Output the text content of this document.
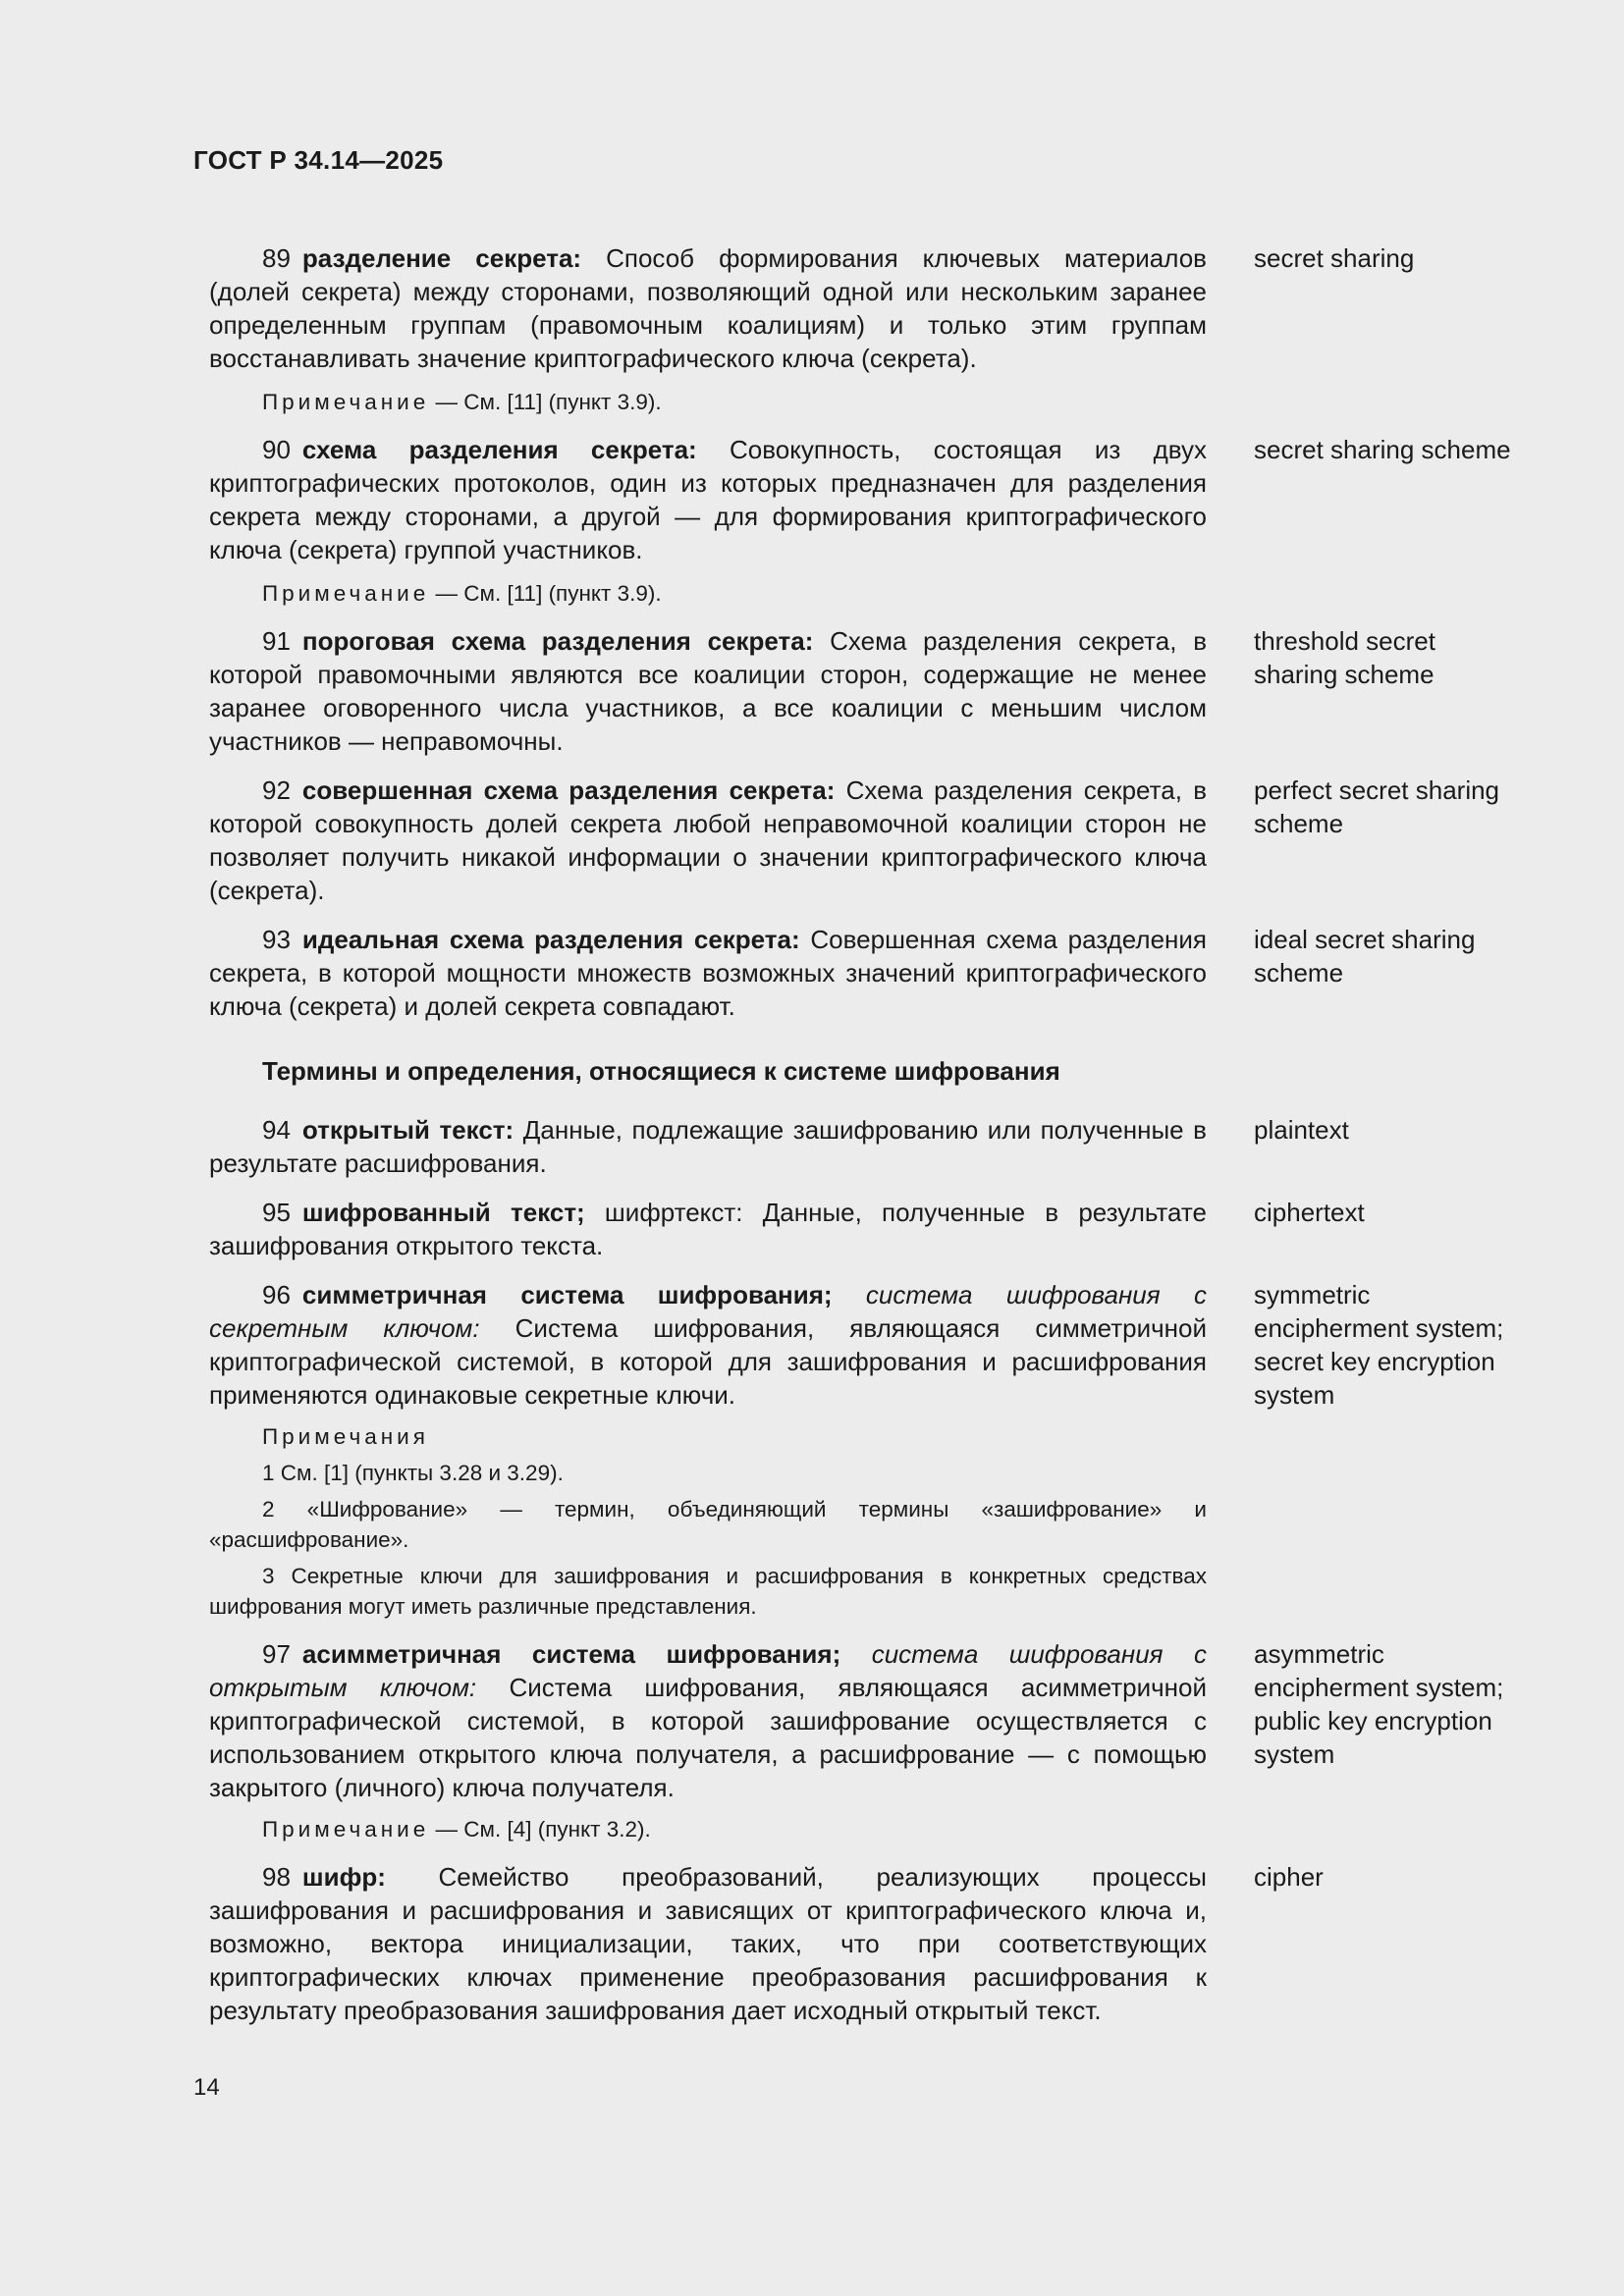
ГОСТ Р 34.14—2025
89 разделение секрета: Способ формирования ключевых материалов (долей секрета) между сторонами, позволяющий одной или нескольким заранее определенным группам (правомочным коалициям) и только этим группам восстанавливать значение криптографического ключа (секрета).
secret sharing
Примечание — См. [11] (пункт 3.9).
90 схема разделения секрета: Совокупность, состоящая из двух криптографических протоколов, один из которых предназначен для разделения секрета между сторонами, а другой — для формирования криптографического ключа (секрета) группой участников.
secret sharing scheme
Примечание — См. [11] (пункт 3.9).
91 пороговая схема разделения секрета: Схема разделения секрета, в которой правомочными являются все коалиции сторон, содержащие не менее заранее оговоренного числа участников, а все коалиции с меньшим числом участников — неправомочны.
threshold secret sharing scheme
92 совершенная схема разделения секрета: Схема разделения секрета, в которой совокупность долей секрета любой неправомочной коалиции сторон не позволяет получить никакой информации о значении криптографического ключа (секрета).
perfect secret sharing scheme
93 идеальная схема разделения секрета: Совершенная схема разделения секрета, в которой мощности множеств возможных значений криптографического ключа (секрета) и долей секрета совпадают.
ideal secret sharing scheme
Термины и определения, относящиеся к системе шифрования
94 открытый текст: Данные, подлежащие зашифрованию или полученные в результате расшифрования.
plaintext
95 шифрованный текст; шифртекст: Данные, полученные в результате зашифрования открытого текста.
ciphertext
96 симметричная система шифрования; система шифрования с секретным ключом: Система шифрования, являющаяся симметричной криптографической системой, в которой для зашифрования и расшифрования применяются одинаковые секретные ключи.
symmetric encipherment system; secret key encryption system
Примечания
1 См. [1] (пункты 3.28 и 3.29).
2 «Шифрование» — термин, объединяющий термины «зашифрование» и «расшифрование».
3 Секретные ключи для зашифрования и расшифрования в конкретных средствах шифрования могут иметь различные представления.
97 асимметричная система шифрования; система шифрования с открытым ключом: Система шифрования, являющаяся асимметричной криптографической системой, в которой зашифрование осуществляется с использованием открытого ключа получателя, а расшифрование — с помощью закрытого (личного) ключа получателя.
asymmetric encipherment system; public key encryption system
Примечание — См. [4] (пункт 3.2).
98 шифр: Семейство преобразований, реализующих процессы зашифрования и расшифрования и зависящих от криптографического ключа и, возможно, вектора инициализации, таких, что при соответствующих криптографических ключах применение преобразования расшифрования к результату преобразования зашифрования дает исходный открытый текст.
cipher
14
